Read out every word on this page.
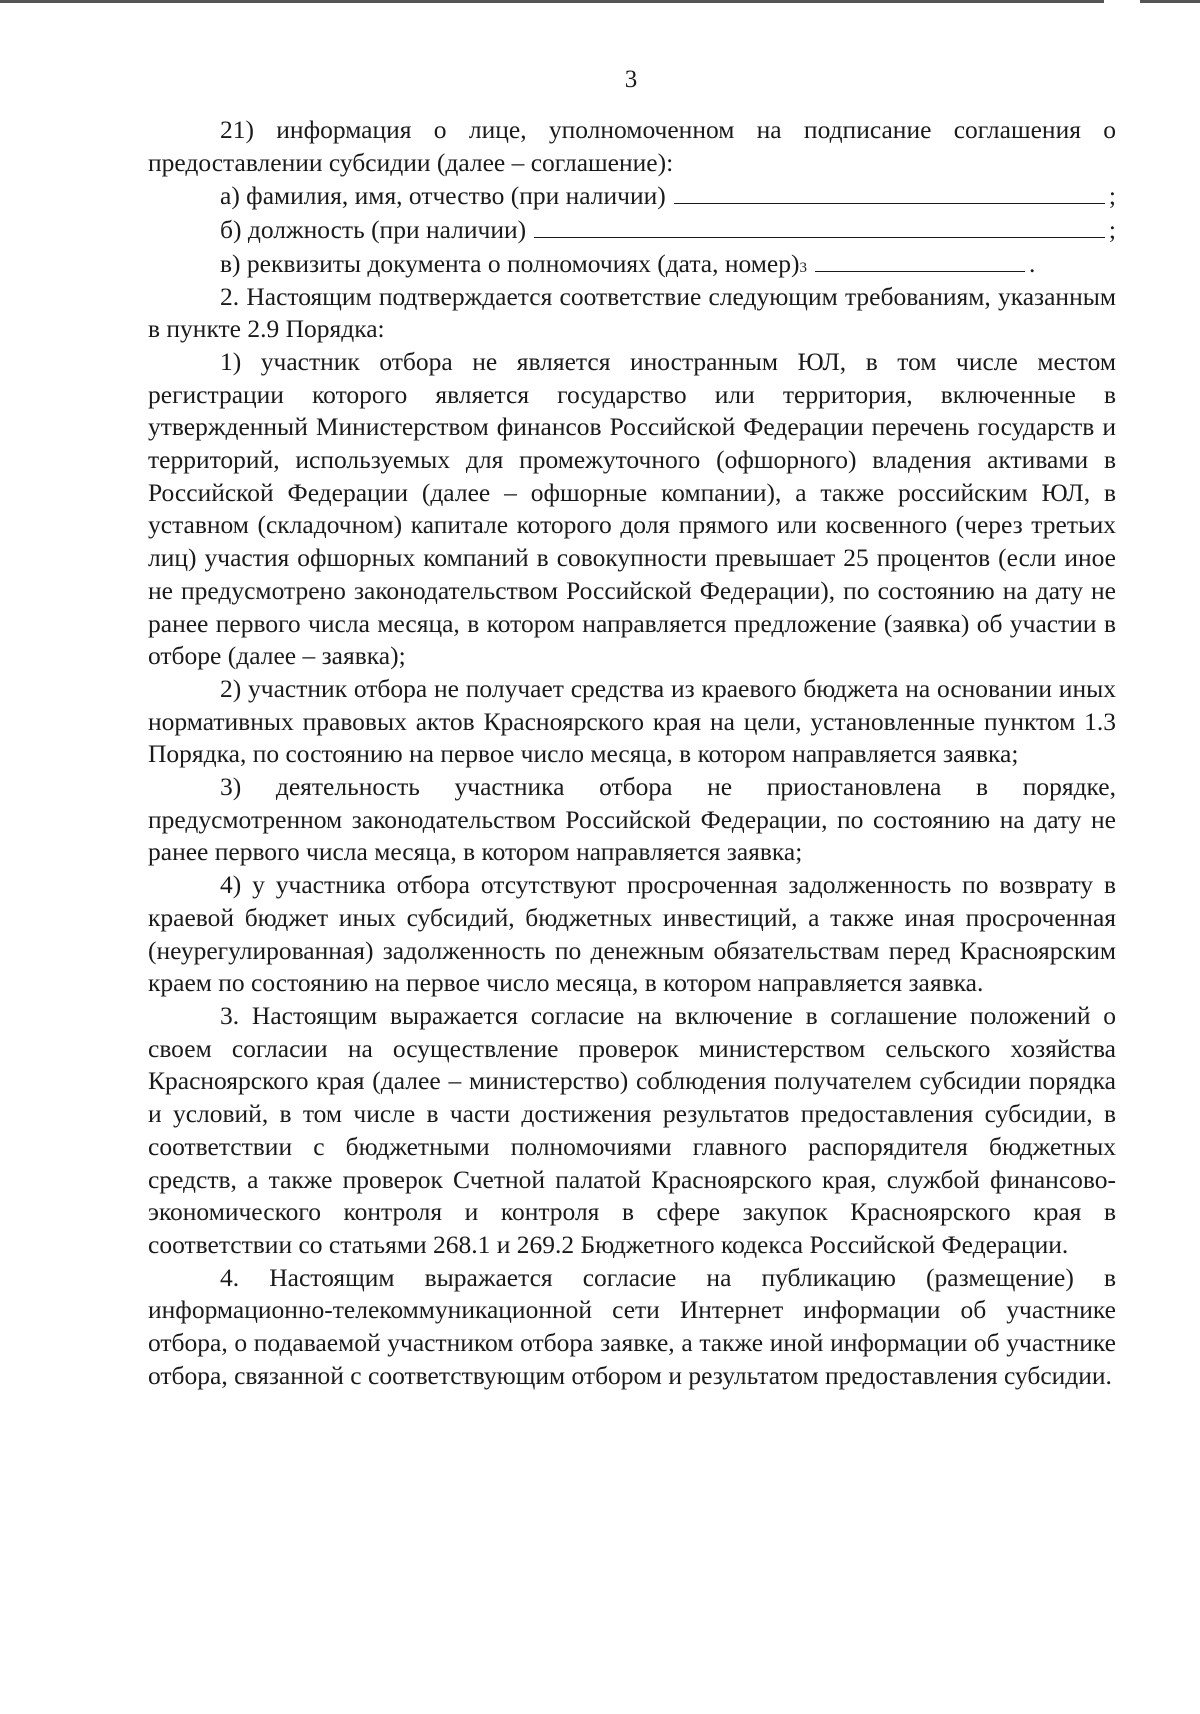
3

21) информация о лице, уполномоченном на подписание соглашения о предоставлении субсидии (далее – соглашение):

а) фамилия, имя, отчество (при наличии)	;
б) должность (при наличии)	;
в) реквизиты документа о полномочиях (дата, номер) 3	.

2. Настоящим подтверждается соответствие следующим требованиям, указанным в пункте 2.9 Порядка:

1) участник отбора не является иностранным ЮЛ, в том числе местом регистрации которого является государство или территория, включенные в утвержденный Министерством финансов Российской Федерации перечень государств и территорий, используемых для промежуточного (офшорного) владения активами в Российской Федерации (далее – офшорные компании), а также российским ЮЛ, в уставном (складочном) капитале которого доля прямого или косвенного (через третьих лиц) участия офшорных компаний в совокупности превышает 25 процентов (если иное не предусмотрено законодательством Российской Федерации), по состоянию на дату не ранее первого числа месяца, в котором направляется предложение (заявка) об участии в отборе (далее – заявка);

2) участник отбора не получает средства из краевого бюджета на основании иных нормативных правовых актов Красноярского края на цели, установленные пунктом 1.3 Порядка, по состоянию на первое число месяца, в котором направляется заявка;

3) деятельность участника отбора не приостановлена в порядке, предусмотренном законодательством Российской Федерации, по состоянию на дату не ранее первого числа месяца, в котором направляется заявка;

4) у участника отбора отсутствуют просроченная задолженность по возврату в краевой бюджет иных субсидий, бюджетных инвестиций, а также иная просроченная (неурегулированная) задолженность по денежным обязательствам перед Красноярским краем по состоянию на первое число месяца, в котором направляется заявка.

3. Настоящим выражается согласие на включение в соглашение положений о своем согласии на осуществление проверок министерством сельского хозяйства Красноярского края (далее – министерство) соблюдения получателем субсидии порядка и условий, в том числе в части достижения результатов предоставления субсидии, в соответствии с бюджетными полномочиями главного распорядителя бюджетных средств, а также проверок Счетной палатой Красноярского края, службой финансово-экономического контроля и контроля в сфере закупок Красноярского края в соответствии со статьями 268.1 и 269.2 Бюджетного кодекса Российской Федерации.

4. Настоящим выражается согласие на публикацию (размещение) в информационно-телекоммуникационной сети Интернет информации об участнике отбора, о подаваемой участником отбора заявке, а также иной информации об участнике отбора, связанной с соответствующим отбором и результатом предоставления субсидии.
